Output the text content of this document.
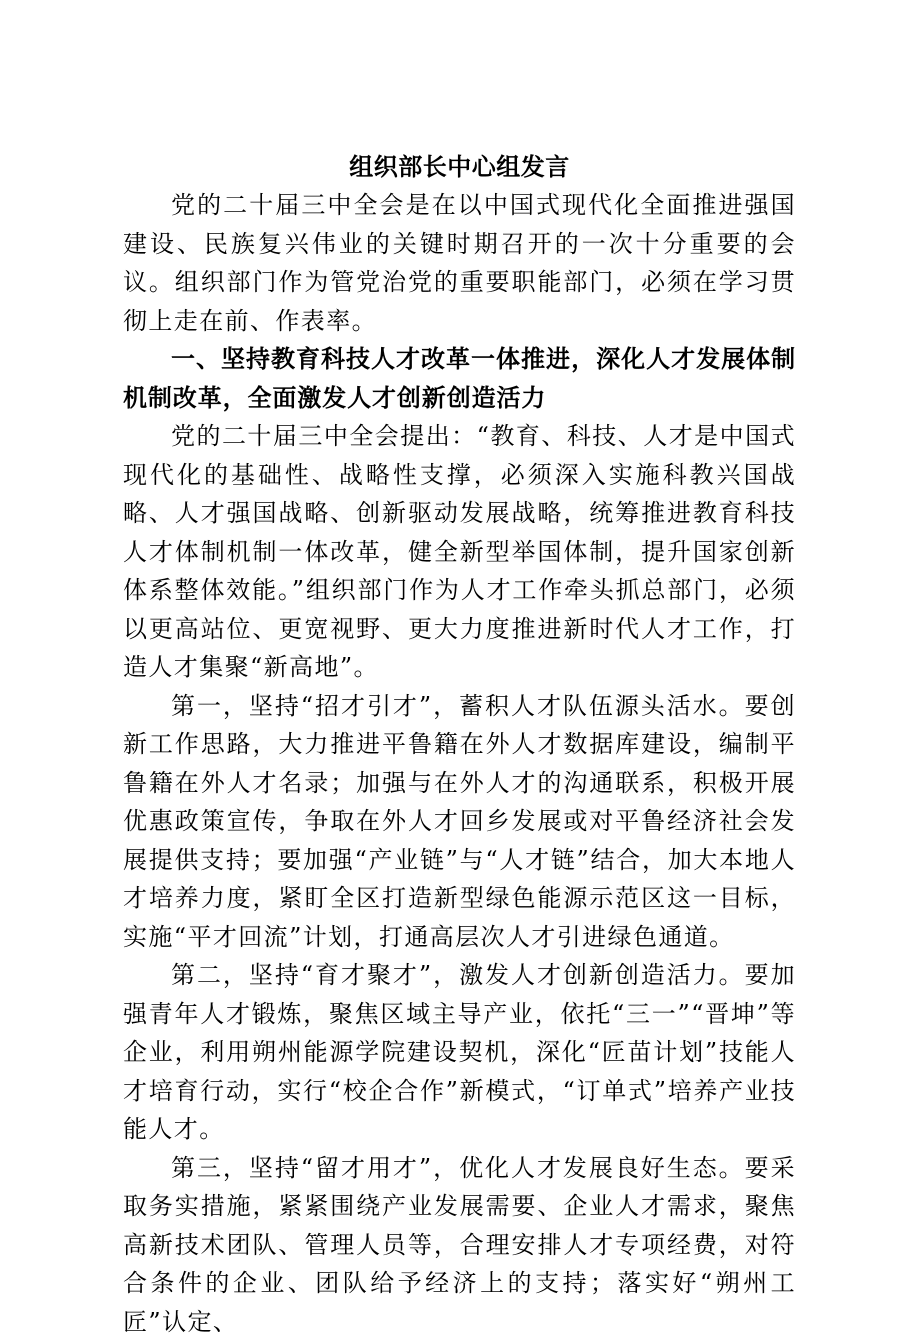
组织部长中心组发言

党的二十届三中全会是在以中国式现代化全面推进强国建设、民族复兴伟业的关键时期召开的一次十分重要的会议。组织部门作为管党治党的重要职能部门，必须在学习贯彻上走在前、作表率。

一、坚持教育科技人才改革一体推进，深化人才发展体制机制改革，全面激发人才创新创造活力

党的二十届三中全会提出：“教育、科技、人才是中国式现代化的基础性、战略性支撑，必须深入实施科教兴国战略、人才强国战略、创新驱动发展战略，统筹推进教育科技人才体制机制一体改革，健全新型举国体制，提升国家创新体系整体效能。”组织部门作为人才工作牵头抓总部门，必须以更高站位、更宽视野、更大力度推进新时代人才工作，打造人才集聚“新高地”。

第一，坚持“招才引才”，蓄积人才队伍源头活水。要创新工作思路，大力推进平鲁籍在外人才数据库建设，编制平鲁籍在外人才名录；加强与在外人才的沟通联系，积极开展优惠政策宣传，争取在外人才回乡发展或对平鲁经济社会发展提供支持；要加强“产业链”与“人才链”结合，加大本地人才培养力度，紧盯全区打造新型绿色能源示范区这一目标，实施“平才回流”计划，打通高层次人才引进绿色通道。

第二，坚持“育才聚才”，激发人才创新创造活力。要加强青年人才锻炼，聚焦区域主导产业，依托“三一”“晋坤”等企业，利用朔州能源学院建设契机，深化“匠苗计划”技能人才培育行动，实行“校企合作”新模式，“订单式”培养产业技能人才。

第三，坚持“留才用才”，优化人才发展良好生态。要采取务实措施，紧紧围绕产业发展需要、企业人才需求，聚焦高新技术团队、管理人员等，合理安排人才专项经费，对符合条件的企业、团队给予经济上的支持；落实好“朔州工匠”认定、
